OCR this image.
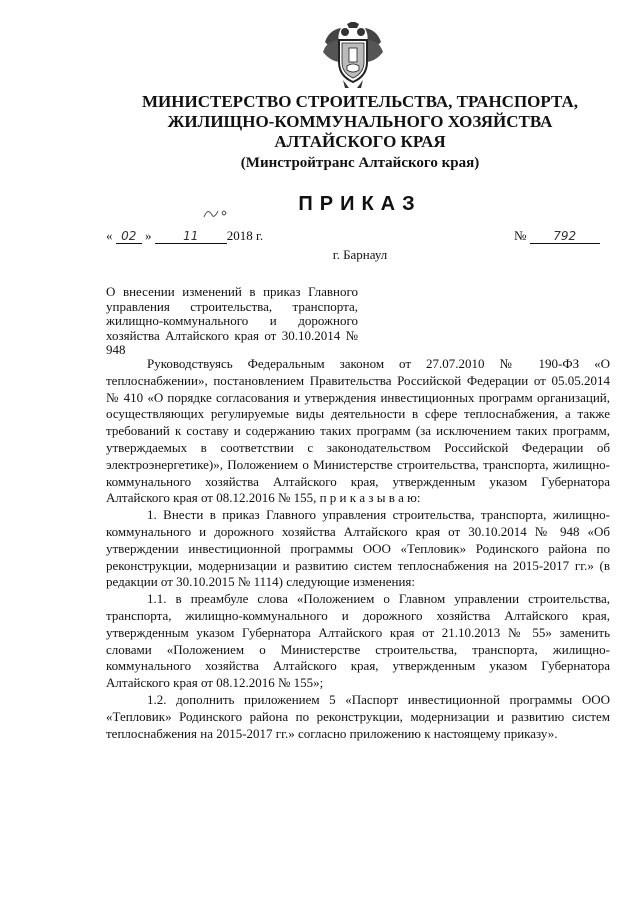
МИНИСТЕРСТВО СТРОИТЕЛЬСТВА, ТРАНСПОРТА,
ЖИЛИЩНО-КОММУНАЛЬНОГО ХОЗЯЙСТВА
АЛТАЙСКОГО КРАЯ
(Минстройтранс Алтайского края)
ПРИКАЗ
« 02 »	11 2018 г.	№ 792
г. Барнаул

О внесении изменений в приказ Главного управления строительства, транспорта, жилищно-коммунального и дорожного хозяйства Алтайского края от 30.10.2014 № 948

Руководствуясь Федеральным законом от 27.07.2010 № 190-ФЗ «О теплоснабжении», постановлением Правительства Российской Федерации от 05.05.2014 № 410 «О порядке согласования и утверждения инвестиционных программ организаций, осуществляющих регулируемые виды деятельности в сфере теплоснабжения, а также требований к составу и содержанию таких программ (за исключением таких программ, утверждаемых в соответствии с законодательством Российской Федерации об электроэнергетике)», Положением о Министерстве строительства, транспорта, жилищно-коммунального хозяйства Алтайского края, утвержденным указом Губернатора Алтайского края от 08.12.2016 № 155, п р и к а з ы в а ю:

1. Внести в приказ Главного управления строительства, транспорта, жилищно-коммунального и дорожного хозяйства Алтайского края от 30.10.2014 № 948 «Об утверждении инвестиционной программы ООО «Тепловик» Родинского района по реконструкции, модернизации и развитию систем теплоснабжения на 2015-2017 гг.» (в редакции от 30.10.2015 № 1114) следующие изменения:

1.1. в преамбуле слова «Положением о Главном управлении строительства, транспорта, жилищно-коммунального и дорожного хозяйства Алтайского края, утвержденным указом Губернатора Алтайского края от 21.10.2013 № 55» заменить словами «Положением о Министерстве строительства, транспорта, жилищно-коммунального хозяйства Алтайского края, утвержденным указом Губернатора Алтайского края от 08.12.2016 № 155»;

1.2. дополнить приложением 5 «Паспорт инвестиционной программы ООО «Тепловик» Родинского района по реконструкции, модернизации и развитию систем теплоснабжения на 2015-2017 гг.» согласно приложению к настоящему приказу».
